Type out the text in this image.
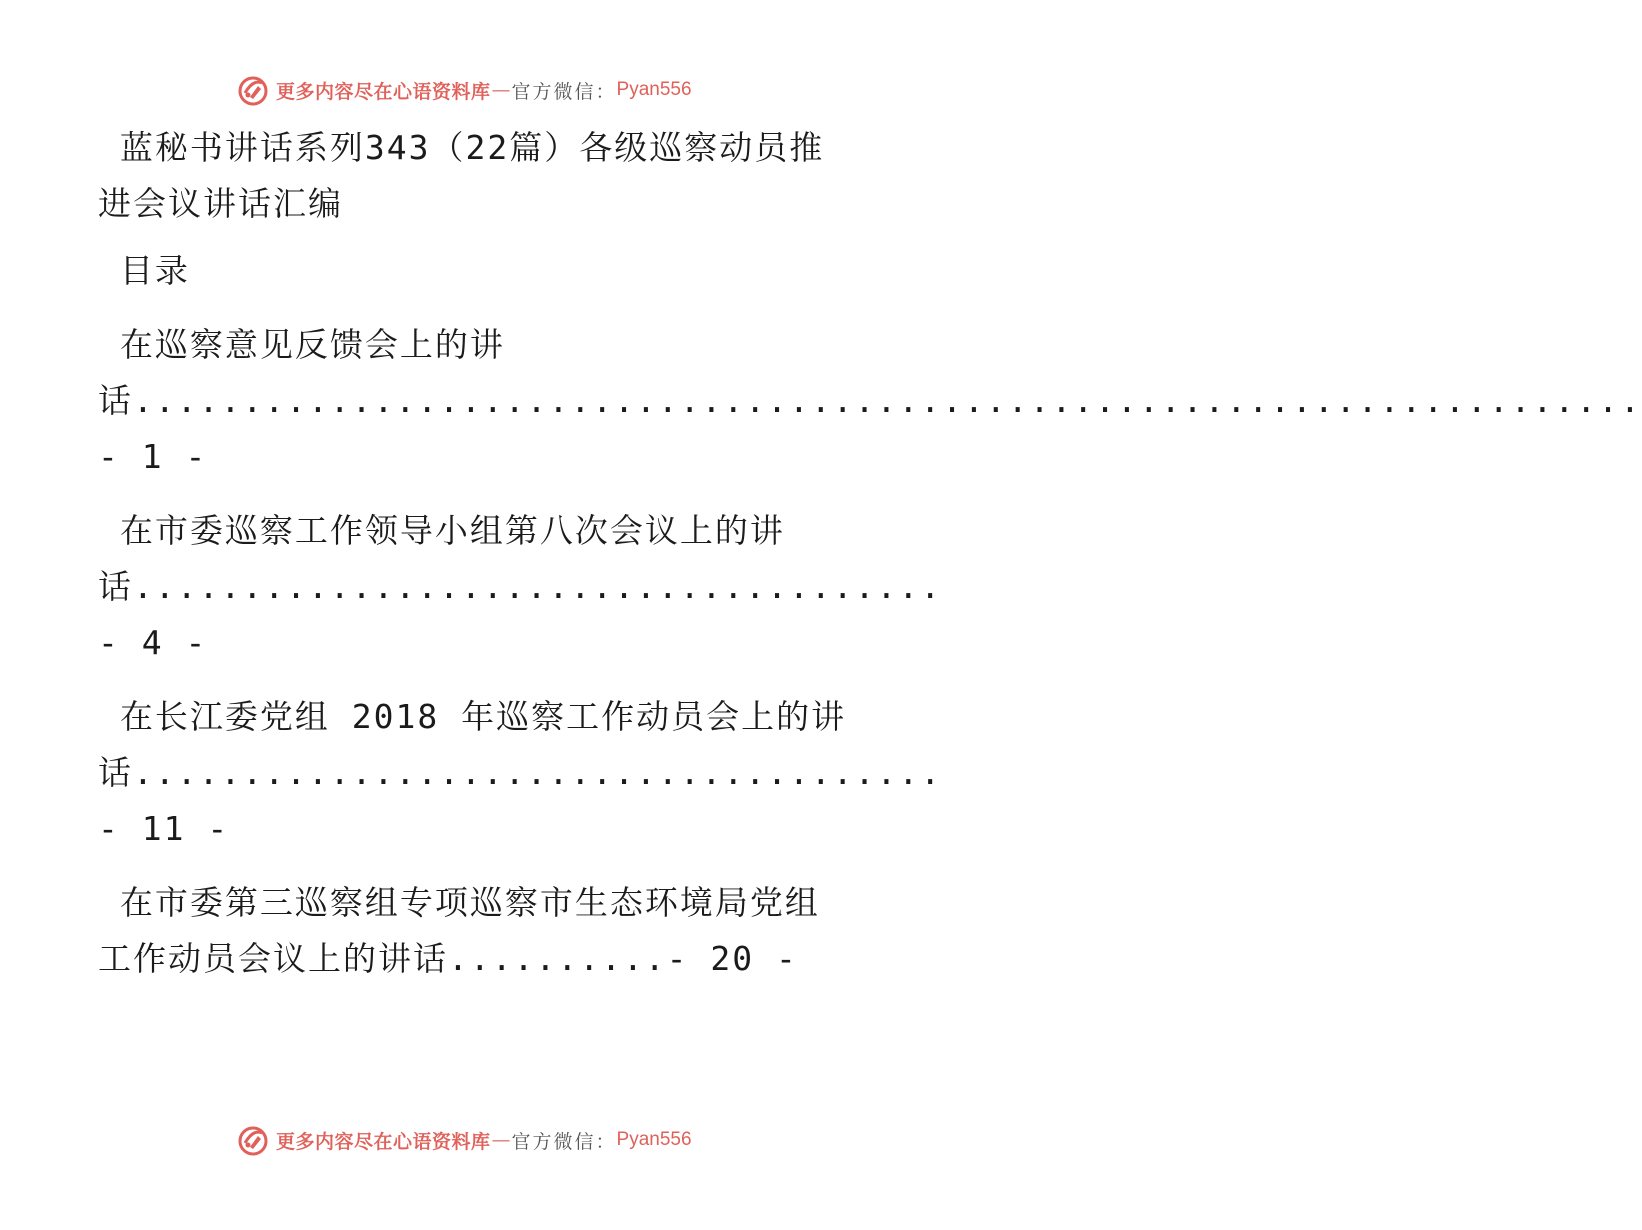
更多内容尽在心语资料库 — 官方微信： Pyan556

蓝秘书讲话系列343（22篇）各级巡察动员推进会议讲话汇编

目录

在巡察意见反馈会上的讲
话.....................................................................- 1 -

在市委巡察工作领导小组第八次会议上的讲话.....................................- 4 -

在长江委党组 2018 年巡察工作动员会上的讲话.....................................- 11 -

在市委第三巡察组专项巡察市生态环境局党组工作动员会议上的讲话..........- 20 -

更多内容尽在心语资料库 — 官方微信： Pyan556
